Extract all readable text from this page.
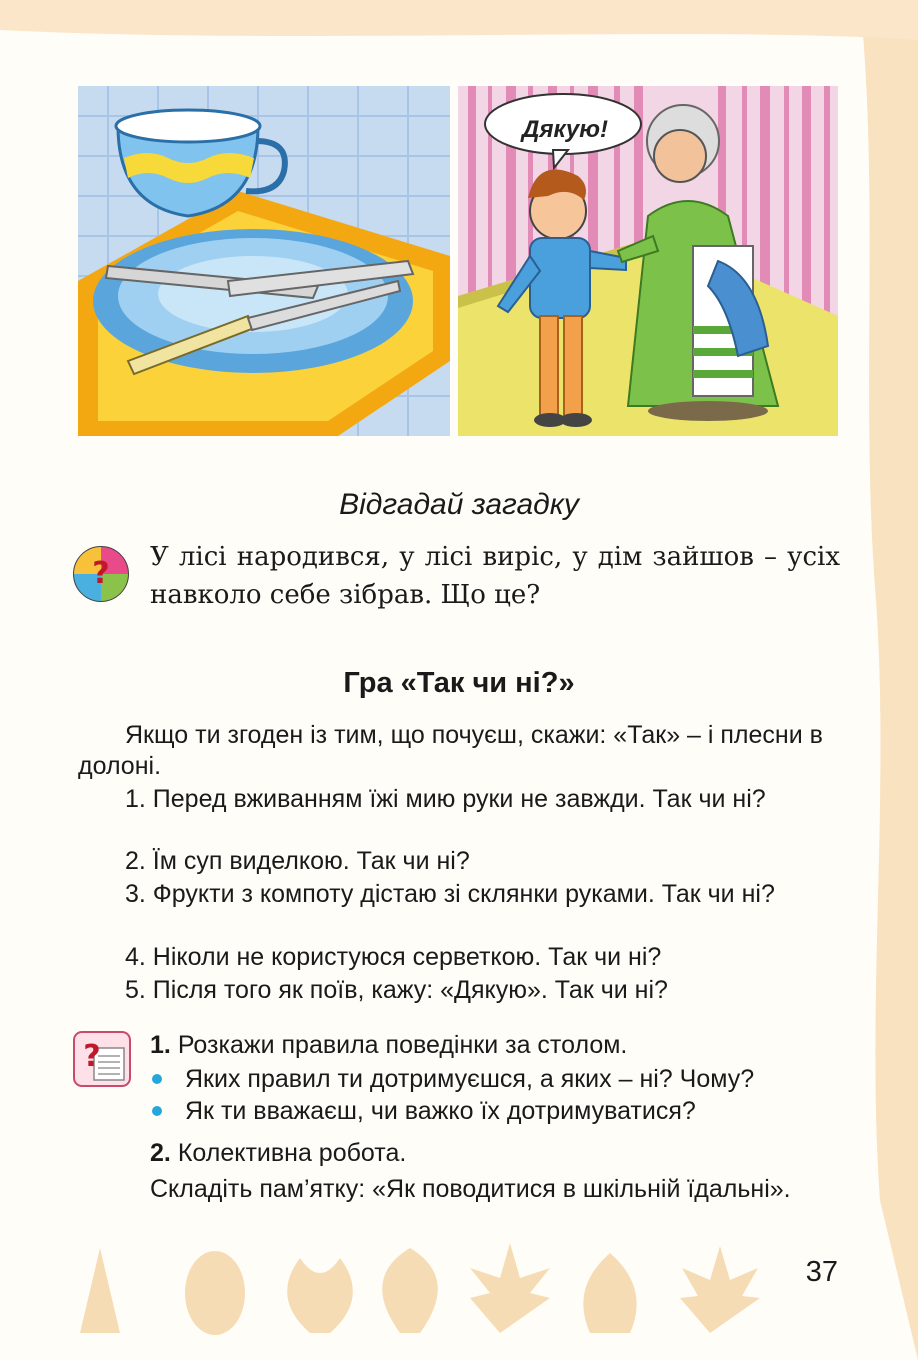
Дякую!
Відгадай загадку
? У лісі народився, у лісі виріс, у дім зайшов – усіх навколо себе зібрав. Що це?
Гра «Так чи ні?»
Якщо ти згоден із тим, що почуєш, скажи: «Так» – і плесни в долоні.
1. Перед вживанням їжі мию руки не завжди. Так чи ні?
2. Їм суп виделкою. Так чи ні?
3. Фрукти з компоту дістаю зі склянки руками. Так чи ні?
4. Ніколи не користуюся серветкою. Так чи ні?
5. Після того як поїв, кажу: «Дякую». Так чи ні?
? 1. Розкажи правила поведінки за столом.
Яких правил ти дотримуєшся, а яких – ні? Чому?
Як ти вважаєш, чи важко їх дотримуватися?
2. Колективна робота.
Складіть пам’ятку: «Як поводитися в шкільній їдальні».
37
